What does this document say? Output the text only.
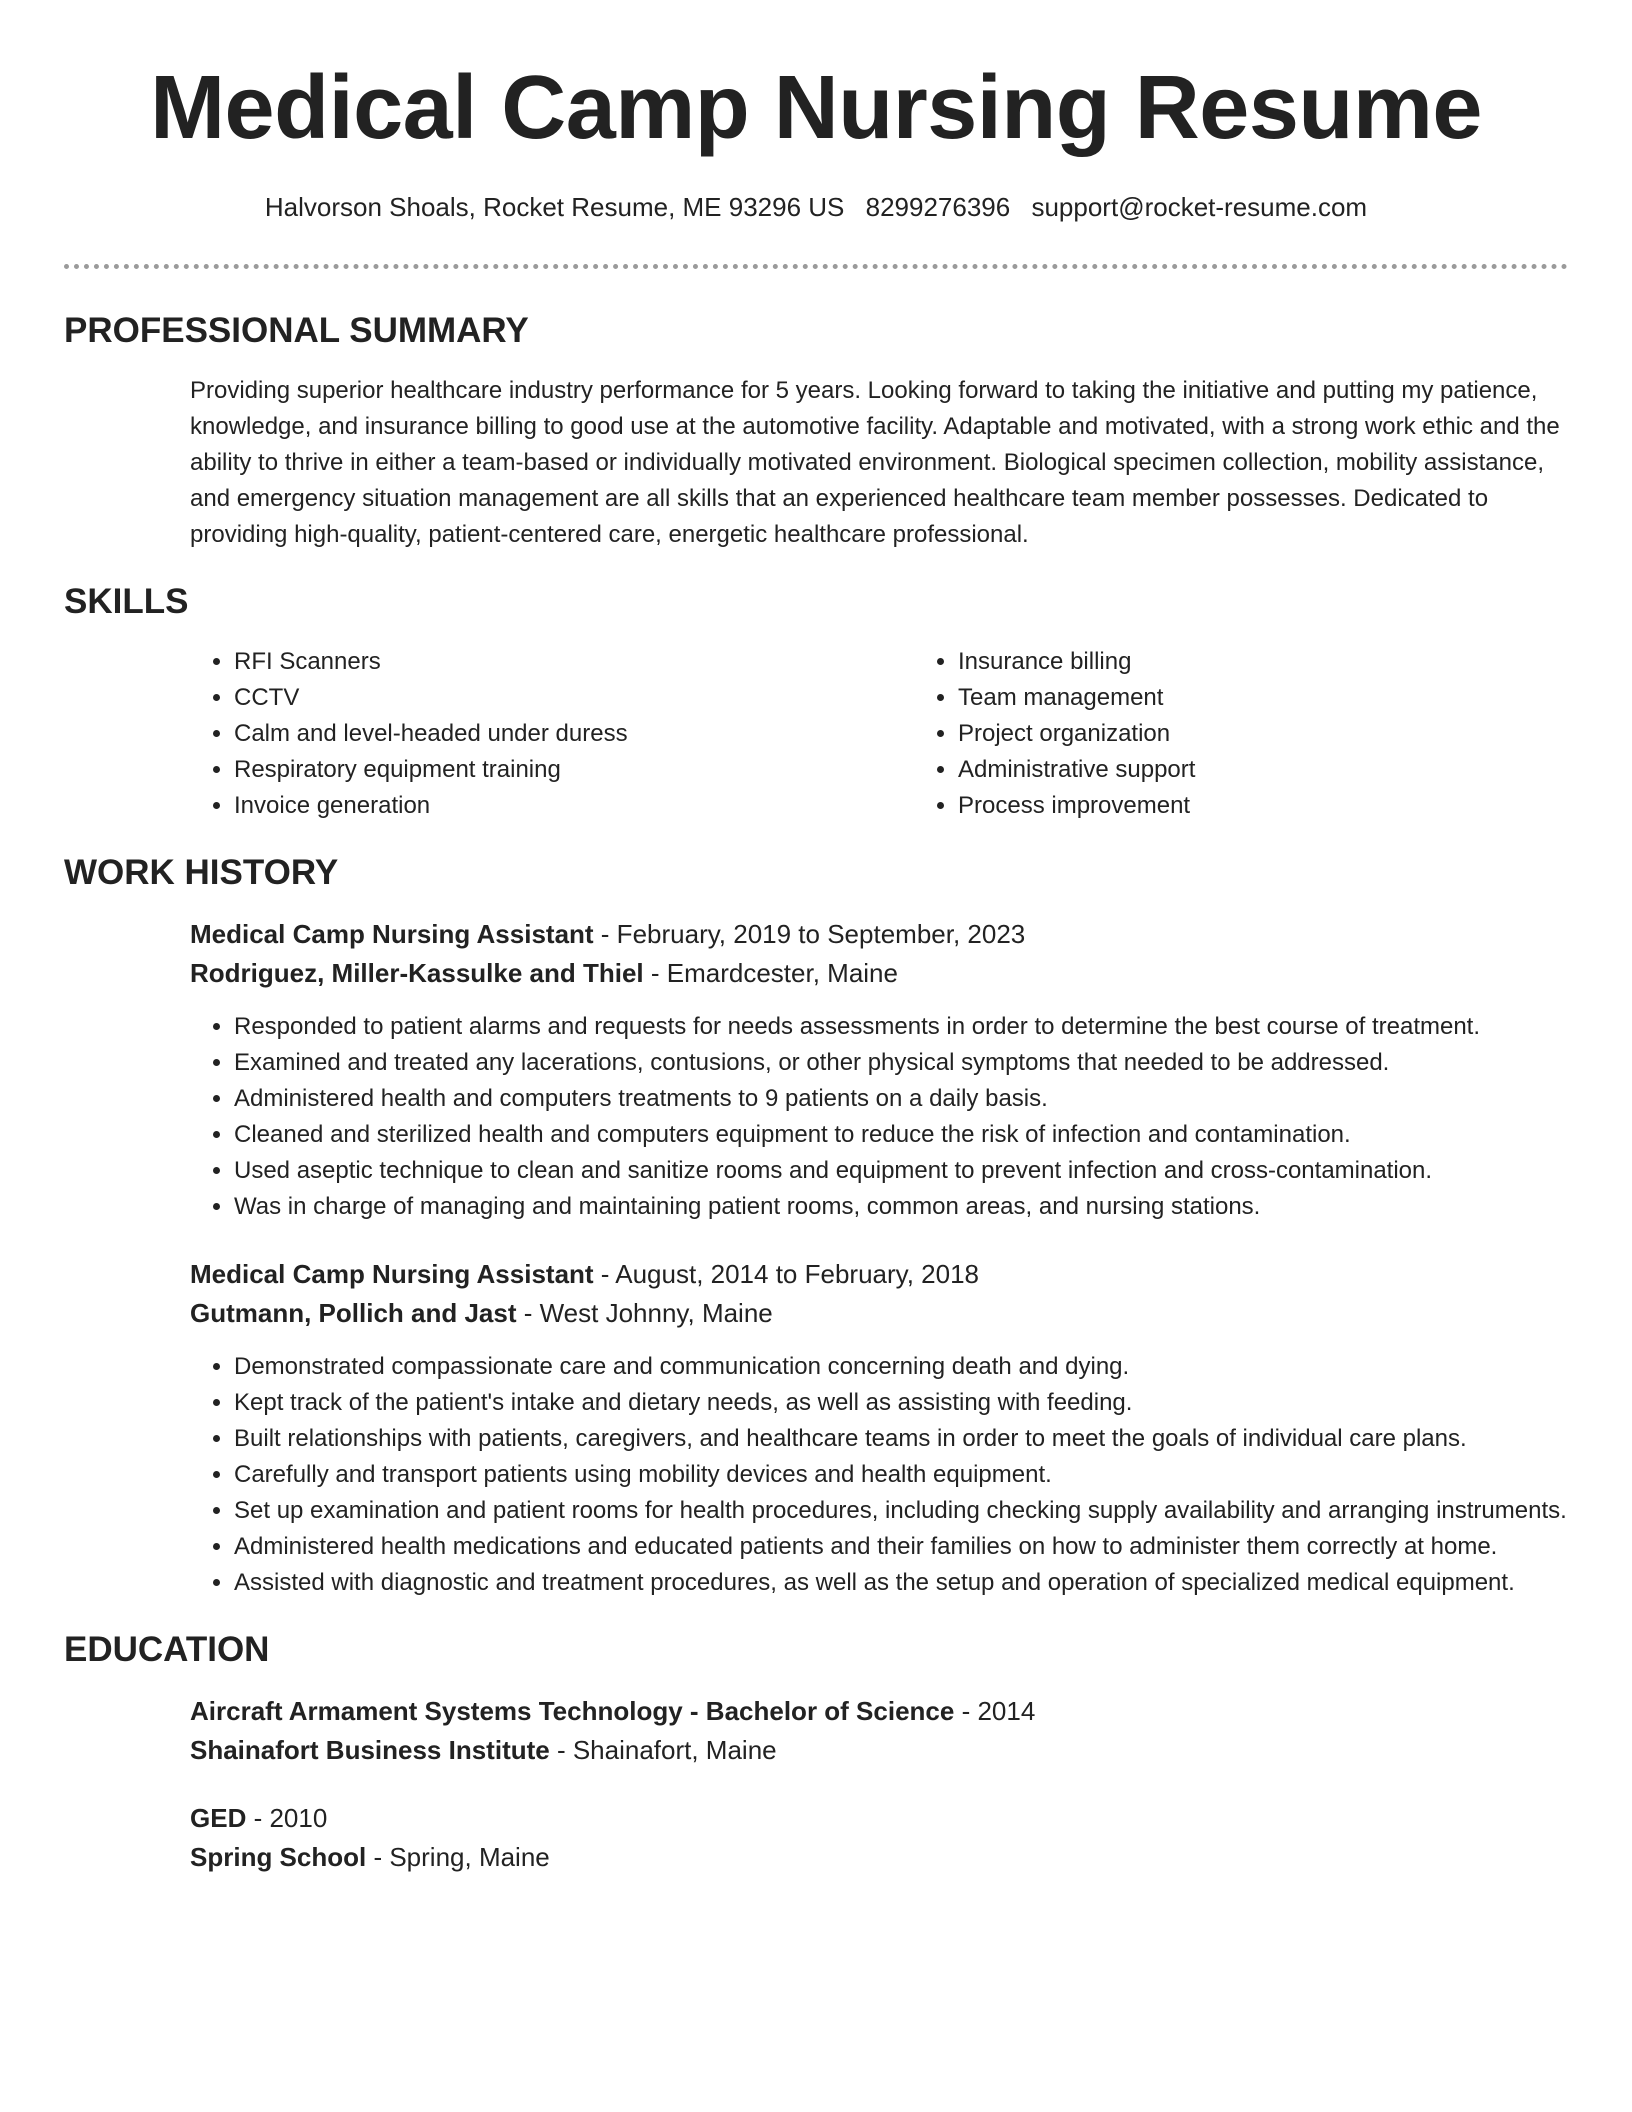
Medical Camp Nursing Resume
Halvorson Shoals, Rocket Resume, ME 93296 US 8299276396 support@rocket-resume.com
PROFESSIONAL SUMMARY
Providing superior healthcare industry performance for 5 years. Looking forward to taking the initiative and putting my patience, knowledge, and insurance billing to good use at the automotive facility. Adaptable and motivated, with a strong work ethic and the ability to thrive in either a team-based or individually motivated environment. Biological specimen collection, mobility assistance, and emergency situation management are all skills that an experienced healthcare team member possesses. Dedicated to providing high-quality, patient-centered care, energetic healthcare professional.
SKILLS
• RFI Scanners
• CCTV
• Calm and level-headed under duress
• Respiratory equipment training
• Invoice generation
• Insurance billing
• Team management
• Project organization
• Administrative support
• Process improvement
WORK HISTORY
Medical Camp Nursing Assistant - February, 2019 to September, 2023
Rodriguez, Miller-Kassulke and Thiel - Emardcester, Maine
• Responded to patient alarms and requests for needs assessments in order to determine the best course of treatment.
• Examined and treated any lacerations, contusions, or other physical symptoms that needed to be addressed.
• Administered health and computers treatments to 9 patients on a daily basis.
• Cleaned and sterilized health and computers equipment to reduce the risk of infection and contamination.
• Used aseptic technique to clean and sanitize rooms and equipment to prevent infection and cross-contamination.
• Was in charge of managing and maintaining patient rooms, common areas, and nursing stations.
Medical Camp Nursing Assistant - August, 2014 to February, 2018
Gutmann, Pollich and Jast - West Johnny, Maine
• Demonstrated compassionate care and communication concerning death and dying.
• Kept track of the patient's intake and dietary needs, as well as assisting with feeding.
• Built relationships with patients, caregivers, and healthcare teams in order to meet the goals of individual care plans.
• Carefully and transport patients using mobility devices and health equipment.
• Set up examination and patient rooms for health procedures, including checking supply availability and arranging instruments.
• Administered health medications and educated patients and their families on how to administer them correctly at home.
• Assisted with diagnostic and treatment procedures, as well as the setup and operation of specialized medical equipment.
EDUCATION
Aircraft Armament Systems Technology - Bachelor of Science - 2014
Shainafort Business Institute - Shainafort, Maine
GED - 2010
Spring School - Spring, Maine
